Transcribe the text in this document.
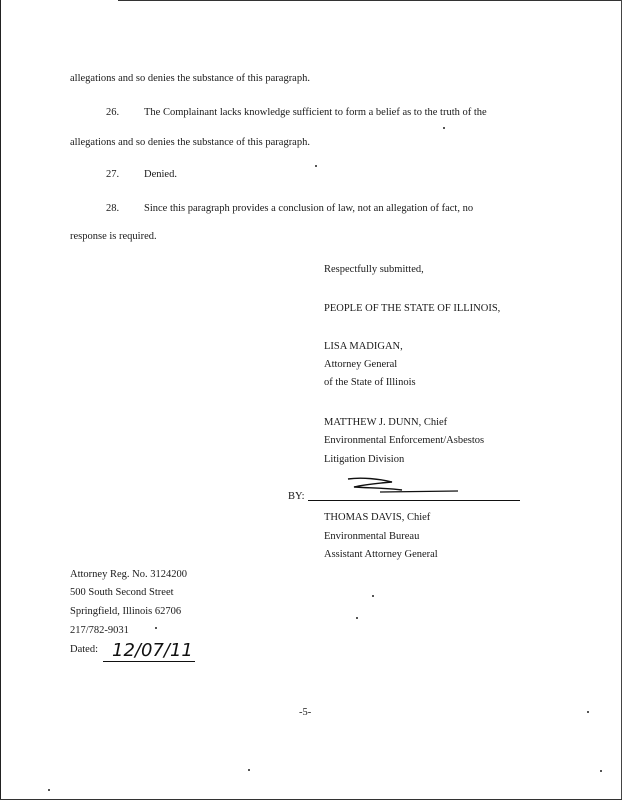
allegations and so denies the substance of this paragraph.
26. The Complainant lacks knowledge sufficient to form a belief as to the truth of the
allegations and so denies the substance of this paragraph.
27. Denied.
28. Since this paragraph provides a conclusion of law, not an allegation of fact, no
response is required.
Respectfully submitted,
PEOPLE OF THE STATE OF ILLINOIS,
LISA MADIGAN,
Attorney General
of the State of Illinois
MATTHEW J. DUNN, Chief
Environmental Enforcement/Asbestos
Litigation Division
BY:
THOMAS DAVIS, Chief
Environmental Bureau
Assistant Attorney General
Attorney Reg. No. 3124200
500 South Second Street
Springfield, Illinois 62706
217/782-9031
Dated: 12/07/11
-5-
